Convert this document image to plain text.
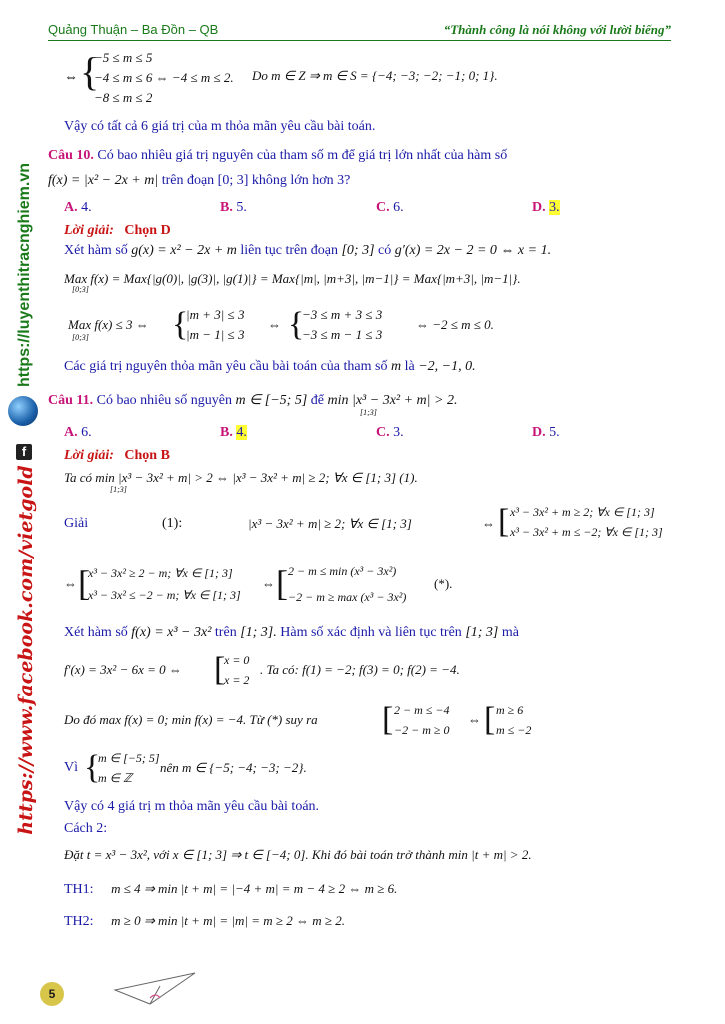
Quảng Thuận – Ba Đồn – QB	“Thành công là nói không với lười biếng”
https://luyenthitracnghiem.vn
f
https://www.facebook.com/vietgold
⇔ {
−5 ≤ m ≤ 5
−4 ≤ m ≤ 6 ⇔ −4 ≤ m ≤ 2.
−8 ≤ m ≤ 2
Do m ∈ Z ⇒ m ∈ S = {−4; −3; −2; −1; 0; 1}.
Vậy có tất cả 6 giá trị của m thỏa mãn yêu cầu bài toán.
Câu 10. Có bao nhiêu giá trị nguyên của tham số m để giá trị lớn nhất của hàm số
f(x) = |x² − 2x + m| trên đoạn [0; 3] không lớn hơn 3?
A. 4.	B. 5.	C. 6.	D. 3.
Lời giải: Chọn D
Xét hàm số g(x) = x² − 2x + m liên tục trên đoạn [0; 3] có g′(x) = 2x − 2 = 0 ⇔ x = 1.
Max f(x) = Max{|g(0)|, |g(3)|, |g(1)|} = Max{|m|, |m+3|, |m−1|} = Max{|m+3|, |m−1|}.
[0;3]
Max f(x) ≤ 3 ⇔
[0;3] {
|m + 3| ≤ 3
|m − 1| ≤ 3
⇔ {
−3 ≤ m + 3 ≤ 3
−3 ≤ m − 1 ≤ 3
⇔ −2 ≤ m ≤ 0.
Các giá trị nguyên thỏa mãn yêu cầu bài toán của tham số m là −2, −1, 0.
Câu 11. Có bao nhiêu số nguyên m ∈ [−5; 5] để min |x³ − 3x² + m| > 2.
[1;3]
A. 6.	B. 4.	C. 3.	D. 5.
Lời giải: Chọn B
Ta có min |x³ − 3x² + m| > 2 ⇔ |x³ − 3x² + m| ≥ 2; ∀x ∈ [1; 3] (1).
[1;3]
Giải	(1):	|x³ − 3x² + m| ≥ 2; ∀x ∈ [1; 3]	⇔ [ x³ − 3x² + m ≥ 2; ∀x ∈ [1; 3]
x³ − 3x² + m ≤ −2; ∀x ∈ [1; 3]
⇔ [
x³ − 3x² ≥ 2 − m; ∀x ∈ [1; 3]
x³ − 3x² ≤ −2 − m; ∀x ∈ [1; 3]
⇔ [ 2 − m ≤ min (x³ − 3x²)
−2 − m ≥ max (x³ − 3x²)
(*).
Xét hàm số f(x) = x³ − 3x² trên [1; 3]. Hàm số xác định và liên tục trên [1; 3] mà
f′(x) = 3x² − 6x = 0 ⇔ [
x = 0
x = 2
. Ta có: f(1) = −2; f(3) = 0; f(2) = −4.
Do đó max f(x) = 0; min f(x) = −4. Từ (*) suy ra [ 2 − m ≤ −4
−2 − m ≥ 0
⇔ [ m ≥ 6
m ≤ −2
Vì {
m ∈ [−5; 5]
m ∈ ℤ
nên m ∈ {−5; −4; −3; −2}.
Vậy có 4 giá trị m thỏa mãn yêu cầu bài toán.
Cách 2:
Đặt t = x³ − 3x², với x ∈ [1; 3] ⇒ t ∈ [−4; 0]. Khi đó bài toán trở thành min |t + m| > 2.
TH1: m ≤ 4 ⇒ min |t + m| = |−4 + m| = m − 4 ≥ 2 ⇔ m ≥ 6.
TH2: m ≥ 0 ⇒ min |t + m| = |m| = m ≥ 2 ⇔ m ≥ 2.
5
